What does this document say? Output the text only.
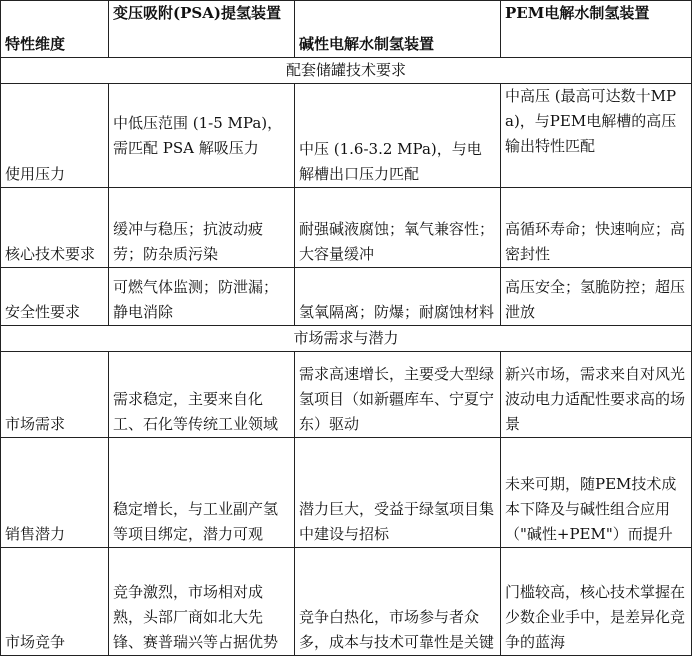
特性维度	变压吸附(PSA)提氢装置	碱性电解水制氢装置	PEM电解水制氢装置
配套储罐技术要求			
使用压力	中低压范围 (1-5 MPa)，需匹配 PSA 解吸压力	中压 (1.6-3.2 MPa)，与电解槽出口压力匹配	中高压 (最高可达数十MPa)，与PEM电解槽的高压输出特性匹配
核心技术要求	缓冲与稳压；抗波动疲劳；防杂质污染	耐强碱液腐蚀；氧气兼容性；大容量缓冲	高循环寿命；快速响应；高密封性
安全性要求	可燃气体监测；防泄漏；静电消除	氢氧隔离；防爆；耐腐蚀材料	高压安全；氢脆防控；超压泄放
市场需求与潜力			
市场需求	需求稳定，主要来自化工、石化等传统工业领域	需求高速增长，主要受大型绿氢项目（如新疆库车、宁夏宁东）驱动	新兴市场，需求来自对风光波动电力适配性要求高的场景
销售潜力	稳定增长，与工业副产氢等项目绑定，潜力可观	潜力巨大，受益于绿氢项目集中建设与招标	未来可期，随PEM技术成本下降及与碱性组合应用（"碱性+PEM"）而提升
市场竞争	竞争激烈，市场相对成熟，头部厂商如北大先锋、赛普瑞兴等占据优势	竞争白热化，市场参与者众多，成本与技术可靠性是关键	门槛较高，核心技术掌握在少数企业手中，是差异化竞争的蓝海
